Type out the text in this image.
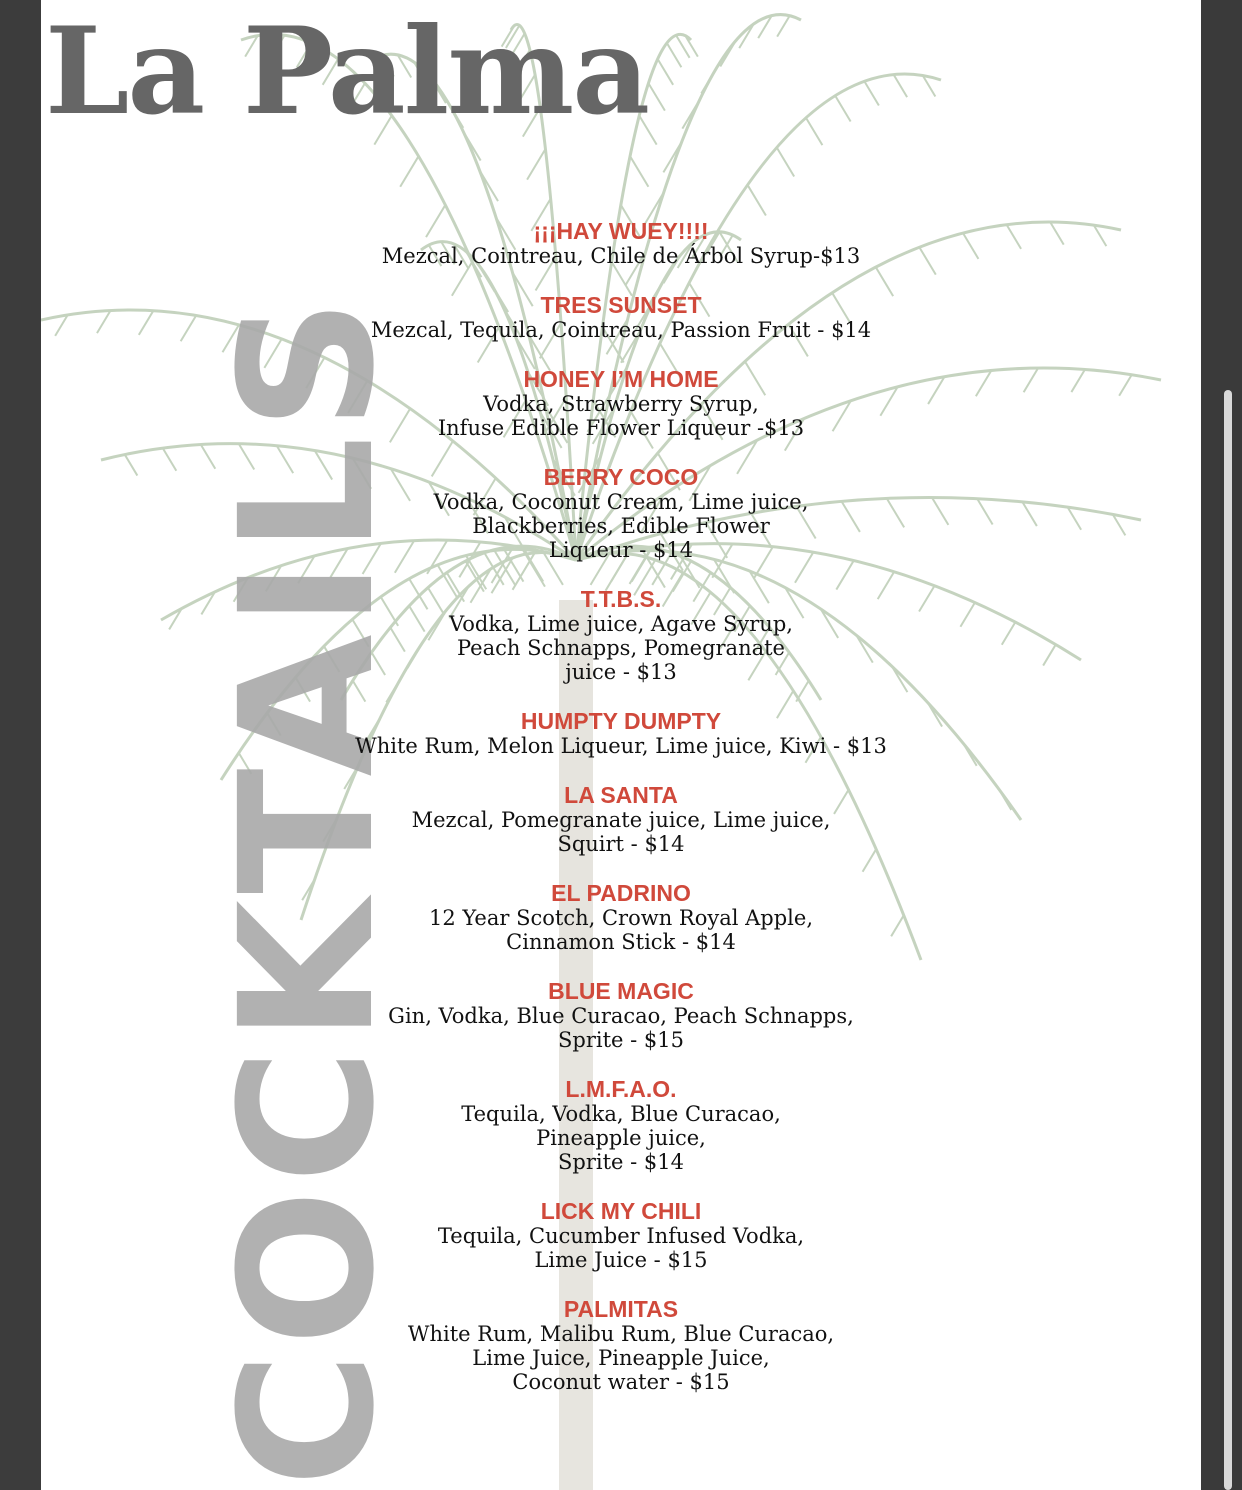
La Palma
COCKTAILS
¡¡¡HAY WUEY!!!!
Mezcal, Cointreau, Chile de Árbol Syrup-$13
TRES SUNSET
Mezcal, Tequila, Cointreau, Passion Fruit - $14
HONEY I’M HOME
Vodka, Strawberry Syrup,
Infuse Edible Flower Liqueur -$13
BERRY COCO
Vodka, Coconut Cream, Lime juice,
Blackberries, Edible Flower
Liqueur - $14
T.T.B.S.
Vodka, Lime juice, Agave Syrup,
Peach Schnapps, Pomegranate
juice - $13
HUMPTY DUMPTY
White Rum, Melon Liqueur, Lime juice, Kiwi - $13
LA SANTA
Mezcal, Pomegranate juice, Lime juice,
Squirt - $14
EL PADRINO
12 Year Scotch, Crown Royal Apple,
Cinnamon Stick - $14
BLUE MAGIC
Gin, Vodka, Blue Curacao, Peach Schnapps,
Sprite - $15
L.M.F.A.O.
Tequila, Vodka, Blue Curacao,
Pineapple juice,
Sprite - $14
LICK MY CHILI
Tequila, Cucumber Infused Vodka,
Lime Juice - $15
PALMITAS
White Rum, Malibu Rum, Blue Curacao,
Lime Juice, Pineapple Juice,
Coconut water - $15
